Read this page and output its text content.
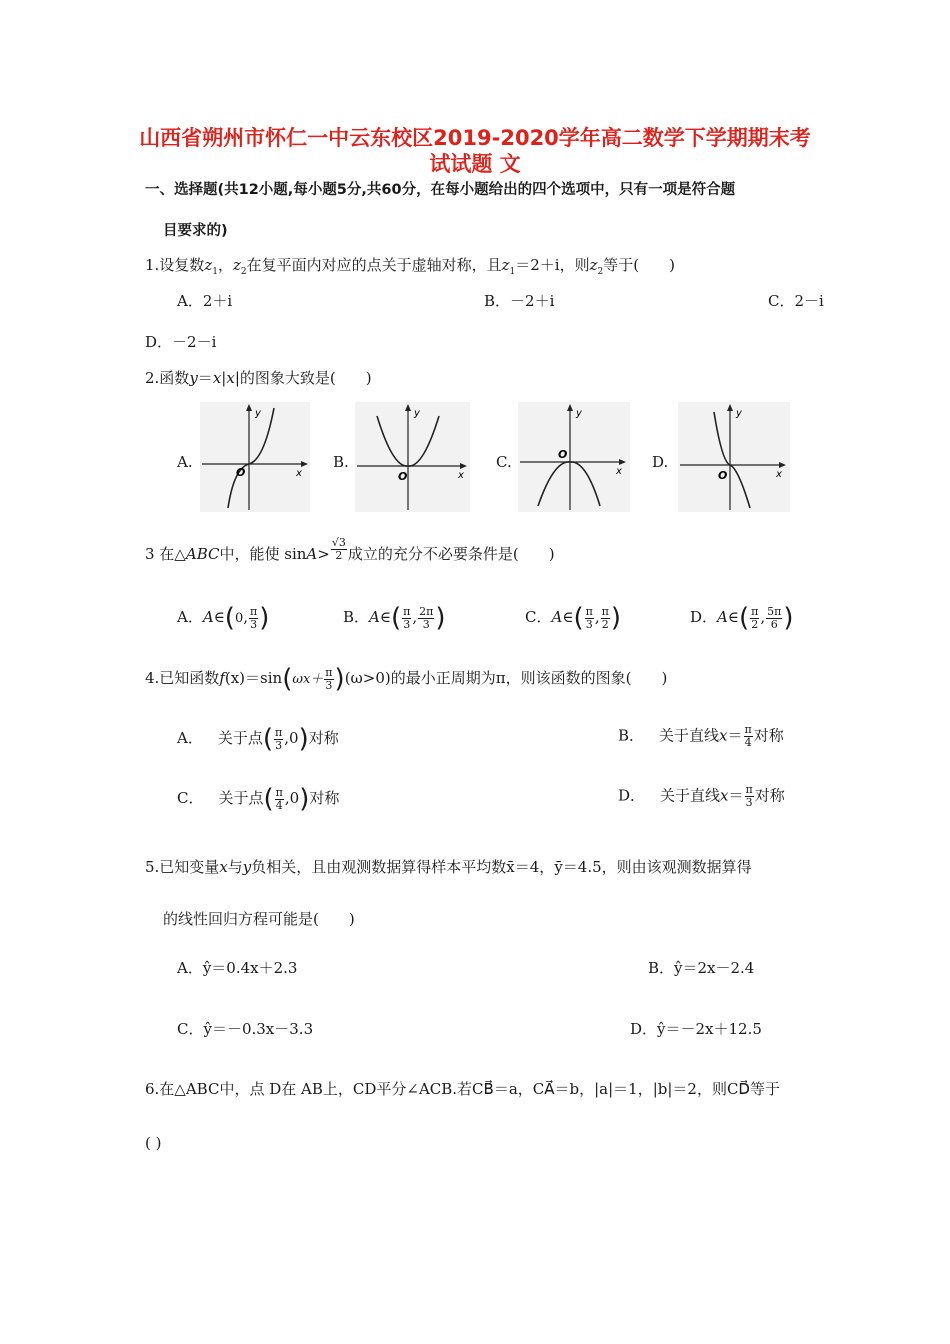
山西省朔州市怀仁一中云东校区2019-2020学年高二数学下学期期末考
试试题 文
一、选择题(共12小题,每小题5分,共60分，在每小题给出的四个选项中，只有一项是符合题
目要求的)
1.设复数$z_1$，$z_2$在复平面内对应的点关于虚轴对称，且$z_1=2+i$，则$z_2$等于(　　)
A．2＋i	B．－2＋i	C．2－i
D．－2－i
2.函数y＝x|x|的图象大致是(　　)
A.	B.	C.	D.
y
x
O
y
x
O
y
x
O
y
x
O
3 在△ABC中，能使 $\sin A> \frac{√3}{2}$ 成立的充分不必要条件是(　　)
A．A∈(0, $\frac{\pi}{3}$ )	B．A∈( $\frac{\pi}{3}$ , $\frac{2\pi}{3}$ )	C．A∈( $\frac{\pi}{3}$ , $\frac{\pi}{2}$ )	D．A∈( $\frac{\pi}{2}$ , $\frac{5\pi}{6}$ )
4.已知函数$f(x)=\sin(\omega x+ \frac{\pi}{3} )(\omega>0)$的最小正周期为π，则该函数的图象(　　)
A．  关于点( $\frac{\pi}{3} ,0$)对称	B．  关于直线$x= \frac{\pi}{4}$ 对称
C．  关于点( $\frac{\pi}{4} ,0$)对称	D．  关于直线$x= \frac{\pi}{3}$ 对称
5.已知变量x与y负相关，且由观测数据算得样本平均数x̄＝4，ȳ＝4.5，则由该观测数据算得
的线性回归方程可能是(　　)
A．ŷ＝0.4x＋2.3	B．ŷ＝2x－2.4
C．ŷ＝－0.3x－3.3	D．ŷ＝－2x＋12.5
6.在△ABC中，点 D在 AB上，CD平分∠ACB.若CB⃗＝a，CA⃗＝b，|a|＝1，|b|＝2，则CD⃗等于
( )
